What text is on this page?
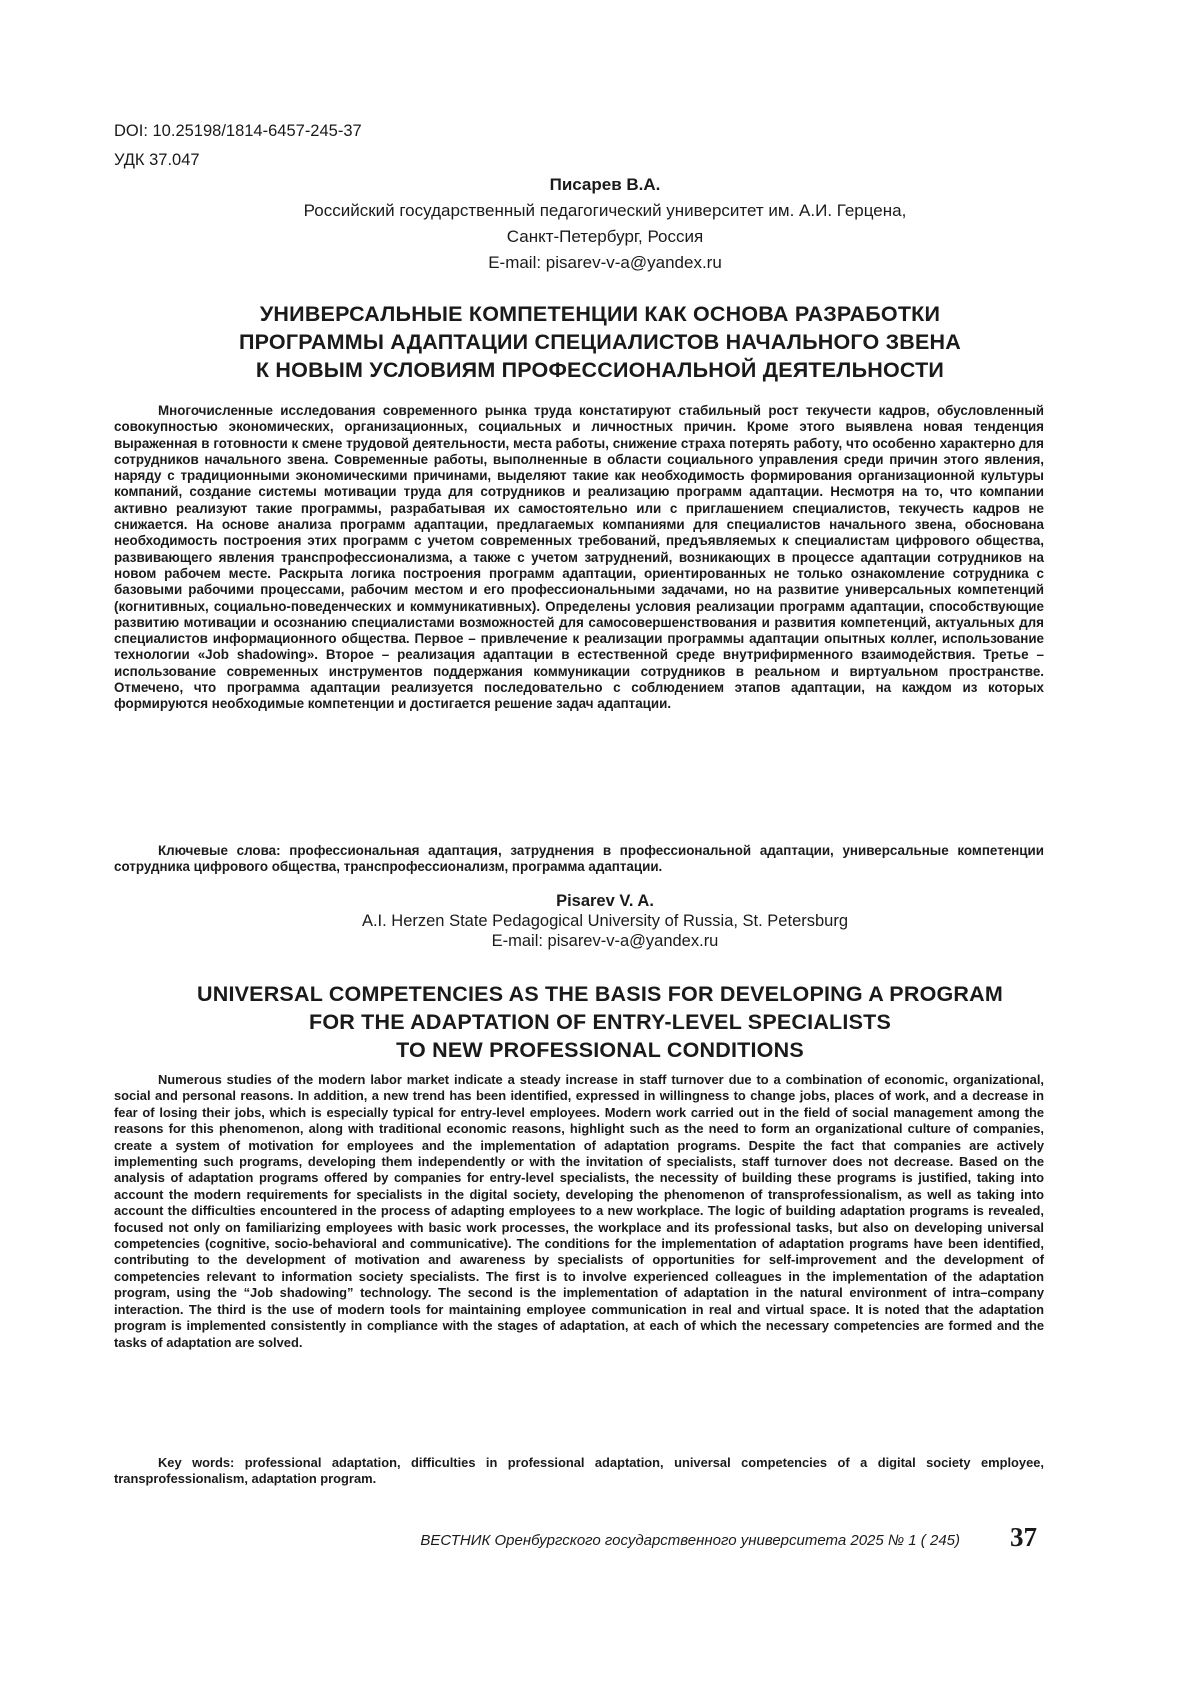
DOI: 10.25198/1814-6457-245-37
УДК 37.047
Писарев В.А.
Российский государственный педагогический университет им. А.И. Герцена,
Санкт-Петербург, Россия
E-mail: pisarev-v-a@yandex.ru
УНИВЕРСАЛЬНЫЕ КОМПЕТЕНЦИИ КАК ОСНОВА РАЗРАБОТКИ
ПРОГРАММЫ АДАПТАЦИИ СПЕЦИАЛИСТОВ НАЧАЛЬНОГО ЗВЕНА
К НОВЫМ УСЛОВИЯМ ПРОФЕССИОНАЛЬНОЙ ДЕЯТЕЛЬНОСТИ

Многочисленные исследования современного рынка труда констатируют стабильный рост текучести кадров, обусловленный совокупностью экономических, организационных, социальных и личностных причин. Кроме этого выявлена новая тенденция выраженная в готовности к смене трудовой деятельности, места работы, снижение страха потерять работу, что особенно характерно для сотрудников начального звена. Современные работы, выполненные в области социального управления среди причин этого явления, наряду с традиционными экономическими причинами, выделяют такие как необходимость формирования организационной культуры компаний, создание системы мотивации труда для сотрудников и реализацию программ адаптации. Несмотря на то, что компании активно реализуют такие программы, разрабатывая их самостоятельно или с приглашением специалистов, текучесть кадров не снижается. На основе анализа программ адаптации, предлагаемых компаниями для специалистов начального звена, обоснована необходимость построения этих программ с учетом современных требований, предъявляемых к специалистам цифрового общества, развивающего явления транспрофессионализма, а также с учетом затруднений, возникающих в процессе адаптации сотрудников на новом рабочем месте. Раскрыта логика построения программ адаптации, ориентированных не только ознакомление сотрудника с базовыми рабочими процессами, рабочим местом и его профессиональными задачами, но на развитие универсальных компетенций (когнитивных, социально-поведенческих и коммуникативных). Определены условия реализации программ адаптации, способствующие развитию мотивации и осознанию специалистами возможностей для самосовершенствования и развития компетенций, актуальных для специалистов информационного общества. Первое – привлечение к реализации программы адаптации опытных коллег, использование технологии «Job shadowing». Второе – реализация адаптации в естественной среде внутрифирменного взаимодействия. Третье – использование современных инструментов поддержания коммуникации сотрудников в реальном и виртуальном пространстве. Отмечено, что программа адаптации реализуется последовательно с соблюдением этапов адаптации, на каждом из которых формируются необходимые компетенции и достигается решение задач адаптации.

Ключевые слова: профессиональная адаптация, затруднения в профессиональной адаптации, универсальные компетенции сотрудника цифрового общества, транспрофессионализм, программа адаптации.

Pisarev V. A.
A.I. Herzen State Pedagogical University of Russia, St. Petersburg
E-mail: pisarev-v-a@yandex.ru
UNIVERSAL COMPETENCIES AS THE BASIS FOR DEVELOPING A PROGRAM
FOR THE ADAPTATION OF ENTRY-LEVEL SPECIALISTS
TO NEW PROFESSIONAL CONDITIONS

Numerous studies of the modern labor market indicate a steady increase in staff turnover due to a combination of economic, organizational, social and personal reasons. In addition, a new trend has been identified, expressed in willingness to change jobs, places of work, and a decrease in fear of losing their jobs, which is especially typical for entry-level employees. Modern work carried out in the field of social management among the reasons for this phenomenon, along with traditional economic reasons, highlight such as the need to form an organizational culture of companies, create a system of motivation for employees and the implementation of adaptation programs. Despite the fact that companies are actively implementing such programs, developing them independently or with the invitation of specialists, staff turnover does not decrease. Based on the analysis of adaptation programs offered by companies for entry-level specialists, the necessity of building these programs is justified, taking into account the modern requirements for specialists in the digital society, developing the phenomenon of transprofessionalism, as well as taking into account the difficulties encountered in the process of adapting employees to a new workplace. The logic of building adaptation programs is revealed, focused not only on familiarizing employees with basic work processes, the workplace and its professional tasks, but also on developing universal competencies (cognitive, socio-behavioral and communicative). The conditions for the implementation of adaptation programs have been identified, contributing to the development of motivation and awareness by specialists of opportunities for self-improvement and the development of competencies relevant to information society specialists. The first is to involve experienced colleagues in the implementation of the adaptation program, using the “Job shadowing” technology. The second is the implementation of adaptation in the natural environment of intra–company interaction. The third is the use of modern tools for maintaining employee communication in real and virtual space. It is noted that the adaptation program is implemented consistently in compliance with the stages of adaptation, at each of which the necessary competencies are formed and the tasks of adaptation are solved.

Key words: professional adaptation, difficulties in professional adaptation, universal competencies of a digital society employee, transprofessionalism, adaptation program.

ВЕСТНИК Оренбургского государственного университета 2025 № 1 ( 245) 37
